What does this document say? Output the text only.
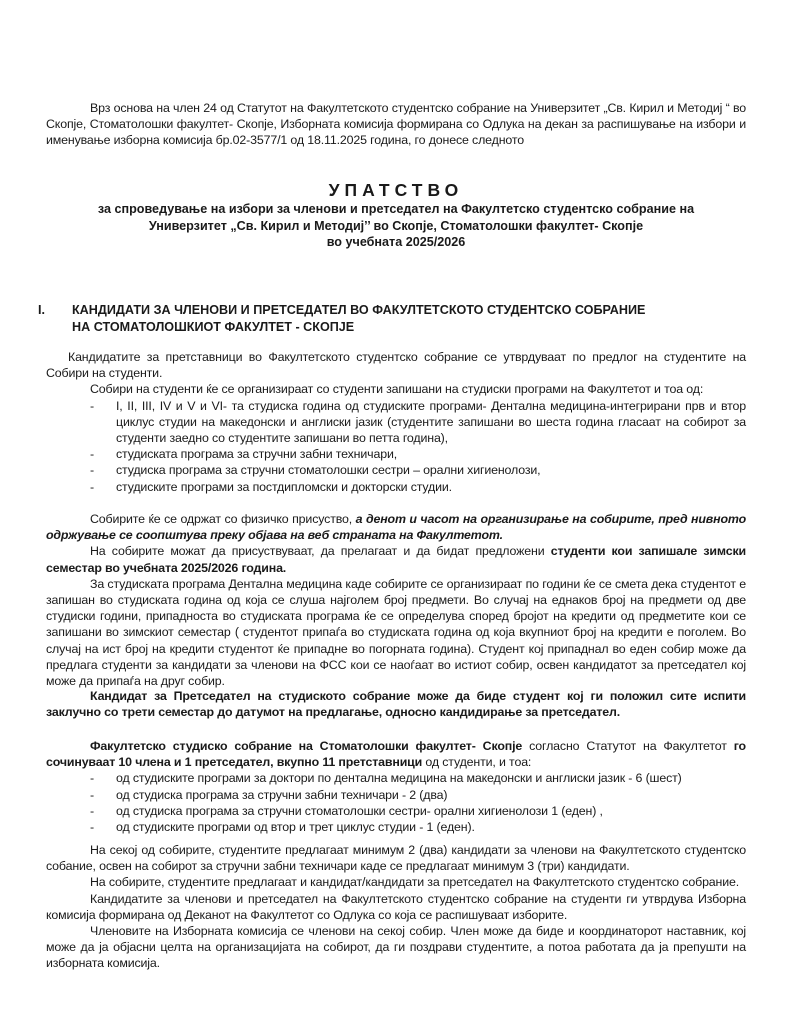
Врз основа на член 24 од Статутот на Факултетското студентско собрание на Универзитет „Св. Кирил и Методиј “ во Скопје, Стоматолошки факултет- Скопје, Изборната комисија формирана со Одлука на декан за распишување на избори и именување изборна комисија бр.02-3577/1 од 18.11.2025 година, го донесе следното

УПАТСТВО
за спроведување на избори за членови и претседател на Факултетско студентско собрание на
Универзитет „Св. Кирил и Методиј’’ во Скопје, Стоматолошки факултет- Скопје
во учебната 2025/2026
I. КАНДИДАТИ ЗА ЧЛЕНОВИ И ПРЕТСЕДАТЕЛ ВО ФАКУЛТЕТСКОТО СТУДЕНТСКО СОБРАНИЕ
НА СТОМАТОЛОШКИОТ ФАКУЛТЕТ - СКОПЈЕ

Кандидатите за претставници во Факултетското студентско собрание се утврдуваат по предлог на студентите на Собири на студенти.

Собири на студенти ќе се организираат со студенти запишани на студиски програми на Факултетот и тоа од:

- I, II, III, IV и V и VI- та студиска година од студиските програми- Дентална медицина-интегрирани прв и втор циклус студии на македонски и англиски јазик (студентите запишани во шеста година гласаат на собирот за студенти заедно со студентите запишани во петта година),
- студиската програма за стручни забни техничари,
- студиска програма за стручни стоматолошки сестри – орални хигиенолози,
- студиските програми за постдипломски и докторски студии.

Собирите ќе се одржат со физичко присуство, а денот и часот на организирање на собирите, пред нивното одржување се соопштува преку објава на веб страната на Факултетот.

На собирите можат да присуствуваат, да прелагаат и да бидат предложени студенти кои запишале зимски семестар во учебната 2025/2026 година.

За студиската програма Дентална медицина каде собирите се организираат по години ќе се смета дека студентот е запишан во студиската година од која се слуша најголем број предмети. Во случај на еднаков број на предмети од две студиски години, припадноста во студиската програма ќе се определува според бројот на кредити од предметите кои се запишани во зимскиот семестар ( студентот припаѓа во студиската година од која вкупниот број на кредити е поголем. Во случај на ист број на кредити студентот ќе припадне во погорната година). Студент кој припаднал во еден собир може да предлага студенти за кандидати за членови на ФСС кои се наоѓаат во истиот собир, освен кандидатот за претседател кој може да припаѓа на друг собир.

Кандидат за Претседател на студиското собрание може да биде студент кој ги положил сите испити заклучно со трети семестар до датумот на предлагање, односно кандидирање за претседател.

Факултетско студиско собрание на Стоматолошки факултет- Скопје согласно Статутот на Факултетот го сочинуваат 10 члена и 1 претседател, вкупно 11 претставници од студенти, и тоа:

- од студиските програми за доктори по дентална медицина на македонски и англиски јазик - 6 (шест)
- од студиска програма за стручни забни техничари - 2 (два)
- од студиска програма за стручни стоматолошки сестри- орални хигиенолози 1 (еден) ,
- од студиските програми од втор и трет циклус студии - 1 (еден).

На секој од собирите, студентите предлагаат минимум 2 (два) кандидати за членови на Факултетското студентско собание, освен на собирот за стручни забни техничари каде се предлагаат минимум 3 (три) кандидати.

На собирите, студентите предлагаат и кандидат/кандидати за претседател на Факултетското студентско собрание.

Кандидатите за членови и претседател на Факултетското студентско собрание на студенти ги утврдува Изборна комисија формирана од Деканот на Факултетот со Одлука со која се распишуваат изборите.

Членовите на Изборната комисија се членови на секој собир. Член може да биде и координаторот наставник, кој може да ја објасни целта на организацијата на собирот, да ги поздрави студентите, а потоа работата да ја препушти на изборната комисија.
